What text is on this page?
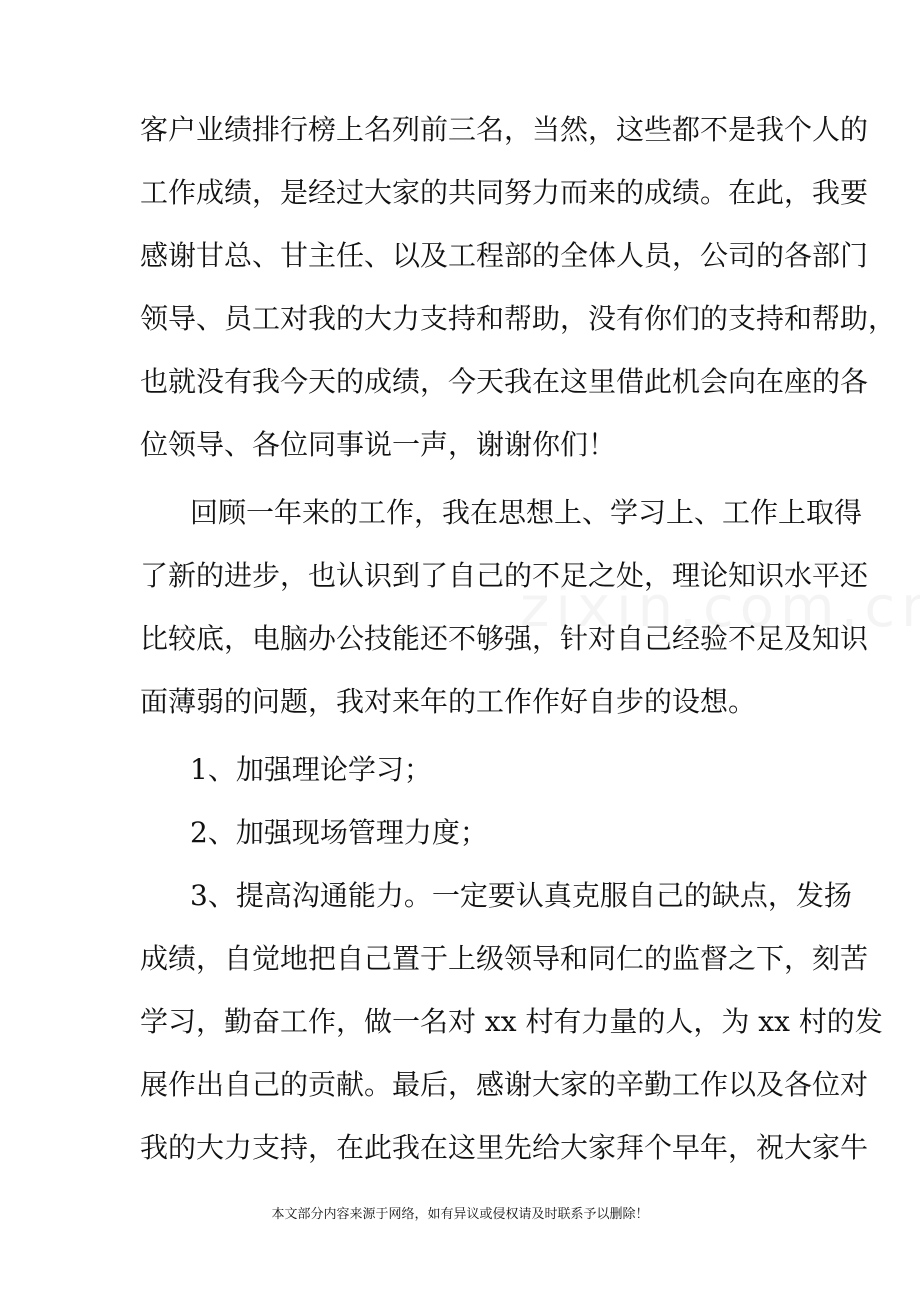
客户业绩排行榜上名列前三名，当然，这些都不是我个人的
工作成绩，是经过大家的共同努力而来的成绩。在此，我要
感谢甘总、甘主任、以及工程部的全体人员，公司的各部门
领导、员工对我的大力支持和帮助，没有你们的支持和帮助，
也就没有我今天的成绩，今天我在这里借此机会向在座的各
位领导、各位同事说一声，谢谢你们！
回顾一年来的工作，我在思想上、学习上、工作上取得
了新的进步，也认识到了自己的不足之处，理论知识水平还
比较底，电脑办公技能还不够强，针对自己经验不足及知识
面薄弱的问题，我对来年的工作作好自步的设想。
1、加强理论学习；
2、加强现场管理力度；
3、提高沟通能力。一定要认真克服自己的缺点，发扬
成绩，自觉地把自己置于上级领导和同仁的监督之下，刻苦
学习，勤奋工作，做一名对 xx 村有力量的人，为 xx 村的发
展作出自己的贡献。最后，感谢大家的辛勤工作以及各位对
我的大力支持，在此我在这里先给大家拜个早年，祝大家牛
本文部分内容来源于网络，如有异议或侵权请及时联系予以删除！
